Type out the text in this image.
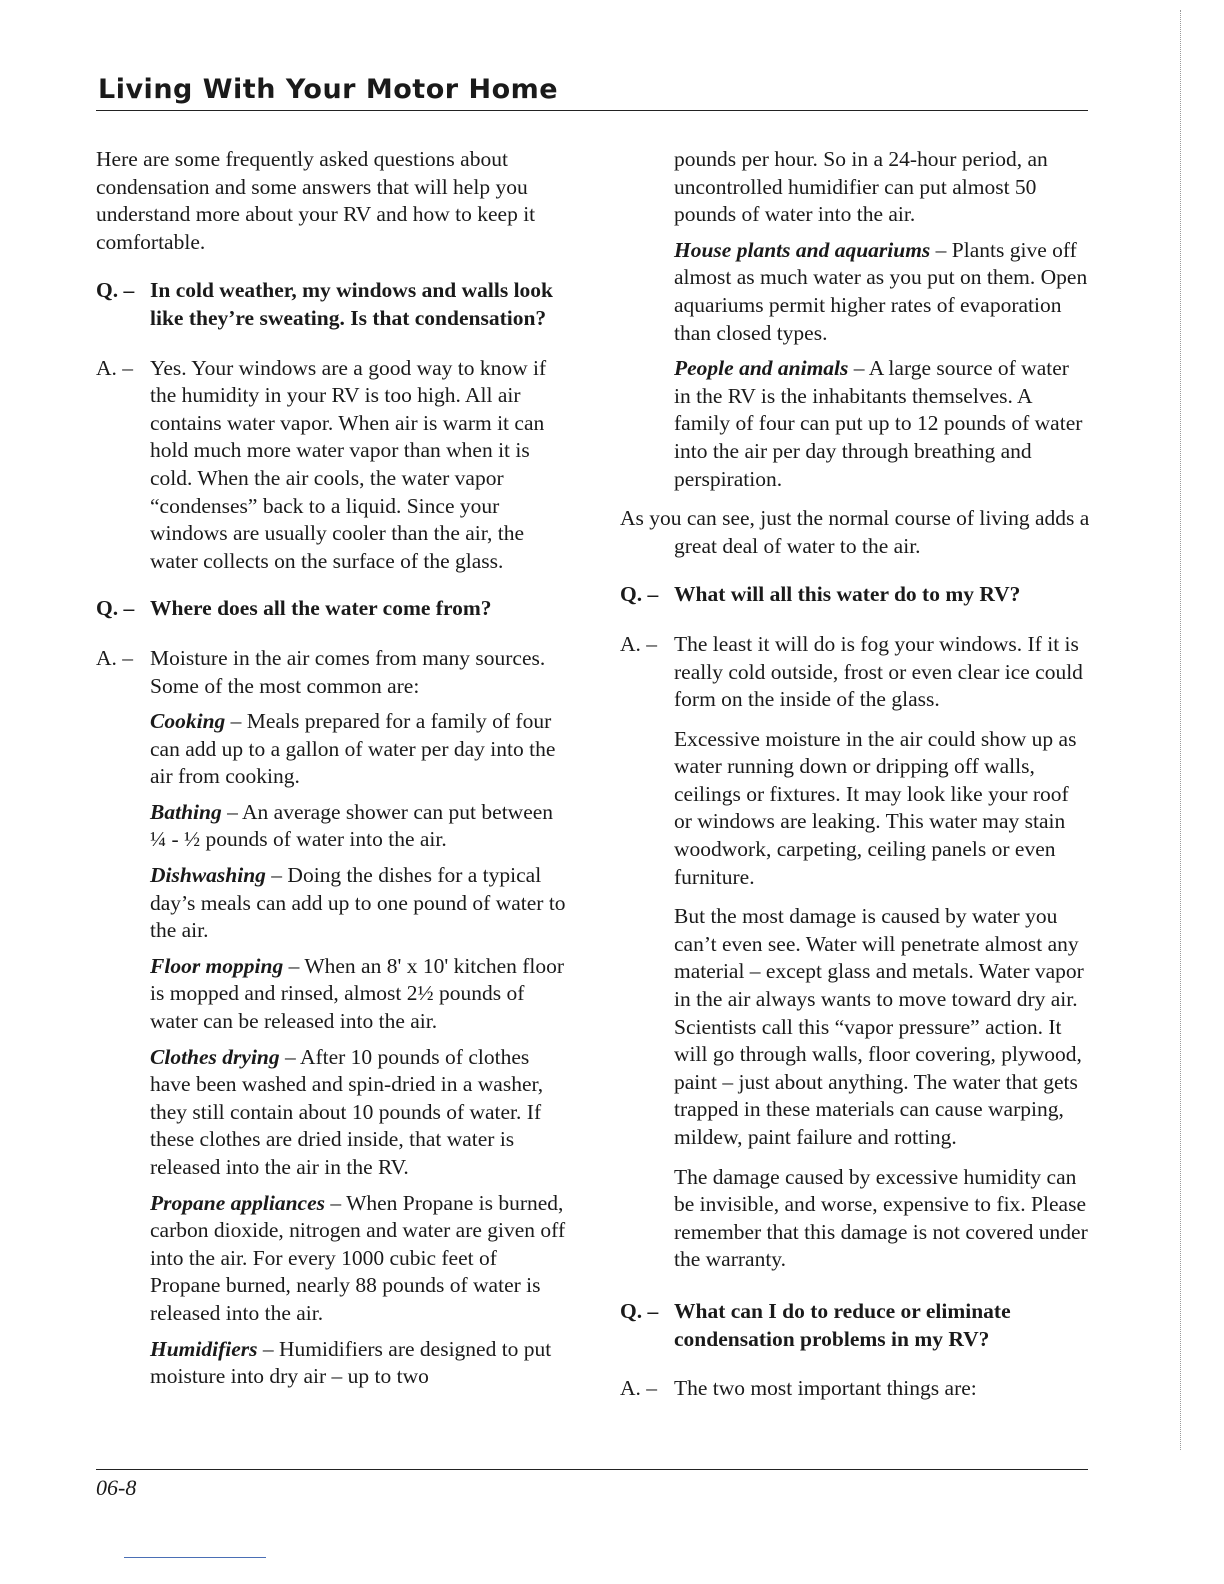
Living With Your Motor Home

Here are some frequently asked questions about condensation and some answers that will help you understand more about your RV and how to keep it comfortable.

Q. – In cold weather, my windows and walls look like they’re sweating. Is that condensation?
A. – Yes. Your windows are a good way to know if the humidity in your RV is too high. All air contains water vapor. When air is warm it can hold much more water vapor than when it is cold. When the air cools, the water vapor “condenses” back to a liquid. Since your windows are usually cooler than the air, the water collects on the surface of the glass.
Q. – Where does all the water come from?
A. – Moisture in the air comes from many sources. Some of the most common are:

Cooking – Meals prepared for a family of four can add up to a gallon of water per day into the air from cooking.

Bathing – An average shower can put between ¼ - ½ pounds of water into the air.

Dishwashing – Doing the dishes for a typical day’s meals can add up to one pound of water to the air.

Floor mopping – When an 8' x 10' kitchen floor is mopped and rinsed, almost 2½ pounds of water can be released into the air.

Clothes drying – After 10 pounds of clothes have been washed and spin-dried in a washer, they still contain about 10 pounds of water. If these clothes are dried inside, that water is released into the air in the RV.

Propane appliances – When Propane is burned, carbon dioxide, nitrogen and water are given off into the air. For every 1000 cubic feet of Propane burned, nearly 88 pounds of water is released into the air.

Humidifiers – Humidifiers are designed to put moisture into dry air – up to two

pounds per hour. So in a 24-hour period, an uncontrolled humidifier can put almost 50 pounds of water into the air.

House plants and aquariums – Plants give off almost as much water as you put on them. Open aquariums permit higher rates of evaporation than closed types.

People and animals – A large source of water in the RV is the inhabitants themselves. A family of four can put up to 12 pounds of water into the air per day through breathing and perspiration.

As you can see, just the normal course of living adds a great deal of water to the air.

Q. – What will all this water do to my RV?
A. – The least it will do is fog your windows. If it is really cold outside, frost or even clear ice could form on the inside of the glass.

Excessive moisture in the air could show up as water running down or dripping off walls, ceilings or fixtures. It may look like your roof or windows are leaking. This water may stain woodwork, carpeting, ceiling panels or even furniture.

But the most damage is caused by water you can’t even see. Water will penetrate almost any material – except glass and metals. Water vapor in the air always wants to move toward dry air. Scientists call this “vapor pressure” action. It will go through walls, floor covering, plywood, paint – just about anything. The water that gets trapped in these materials can cause warping, mildew, paint failure and rotting.

The damage caused by excessive humidity can be invisible, and worse, expensive to fix. Please remember that this damage is not covered under the warranty.

Q. – What can I do to reduce or eliminate condensation problems in my RV?
A. – The two most important things are:
06-8
